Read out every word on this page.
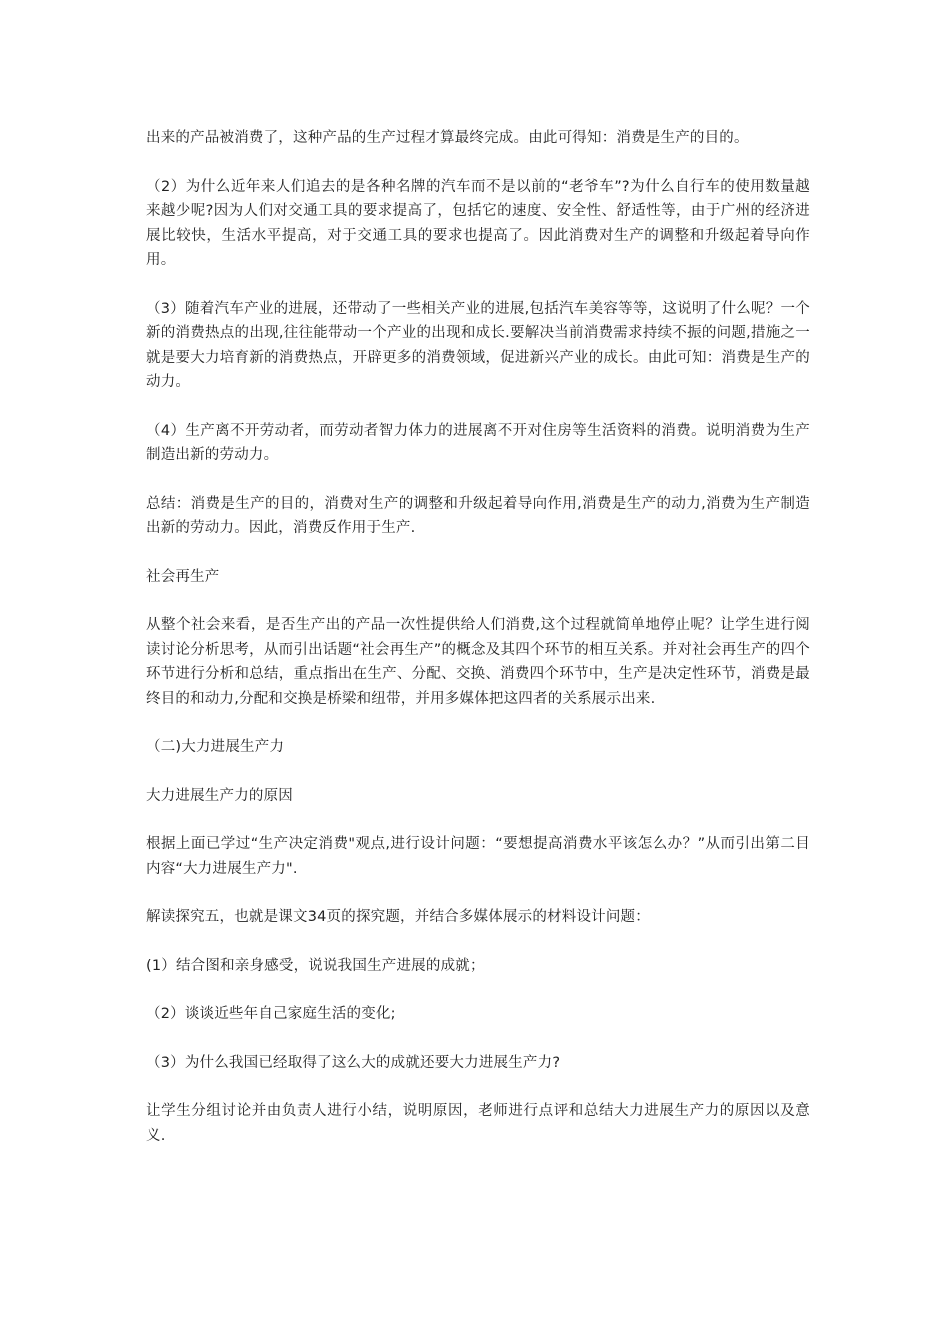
出来的产品被消费了，这种产品的生产过程才算最终完成。由此可得知：消费是生产的目的。

（2）为什么近年来人们追去的是各种名牌的汽车而不是以前的“老爷车”?为什么自行车的使用数量越来越少呢?因为人们对交通工具的要求提高了，包括它的速度、安全性、舒适性等，由于广州的经济进展比较快，生活水平提高，对于交通工具的要求也提高了。因此消费对生产的调整和升级起着导向作用。

（3）随着汽车产业的进展，还带动了一些相关产业的进展,包括汽车美容等等，这说明了什么呢？一个新的消费热点的出现,往往能带动一个产业的出现和成长.要解决当前消费需求持续不振的问题,措施之一就是要大力培育新的消费热点，开辟更多的消费领域，促进新兴产业的成长。由此可知：消费是生产的动力。

（4）生产离不开劳动者，而劳动者智力体力的进展离不开对住房等生活资料的消费。说明消费为生产制造出新的劳动力。

总结：消费是生产的目的，消费对生产的调整和升级起着导向作用,消费是生产的动力,消费为生产制造出新的劳动力。因此，消费反作用于生产.

社会再生产

从整个社会来看，是否生产出的产品一次性提供给人们消费,这个过程就简单地停止呢？让学生进行阅读讨论分析思考，从而引出话题“社会再生产”的概念及其四个环节的相互关系。并对社会再生产的四个环节进行分析和总结，重点指出在生产、分配、交换、消费四个环节中，生产是决定性环节，消费是最终目的和动力,分配和交换是桥梁和纽带，并用多媒体把这四者的关系展示出来.

（二)大力进展生产力

大力进展生产力的原因

根据上面已学过“生产决定消费"观点,进行设计问题：“要想提高消费水平该怎么办？”从而引出第二目内容“大力进展生产力".

解读探究五，也就是课文34页的探究题，并结合多媒体展示的材料设计问题：

(1）结合图和亲身感受，说说我国生产进展的成就；

（2）谈谈近些年自己家庭生活的变化;

（3）为什么我国已经取得了这么大的成就还要大力进展生产力?

让学生分组讨论并由负责人进行小结，说明原因，老师进行点评和总结大力进展生产力的原因以及意义.
